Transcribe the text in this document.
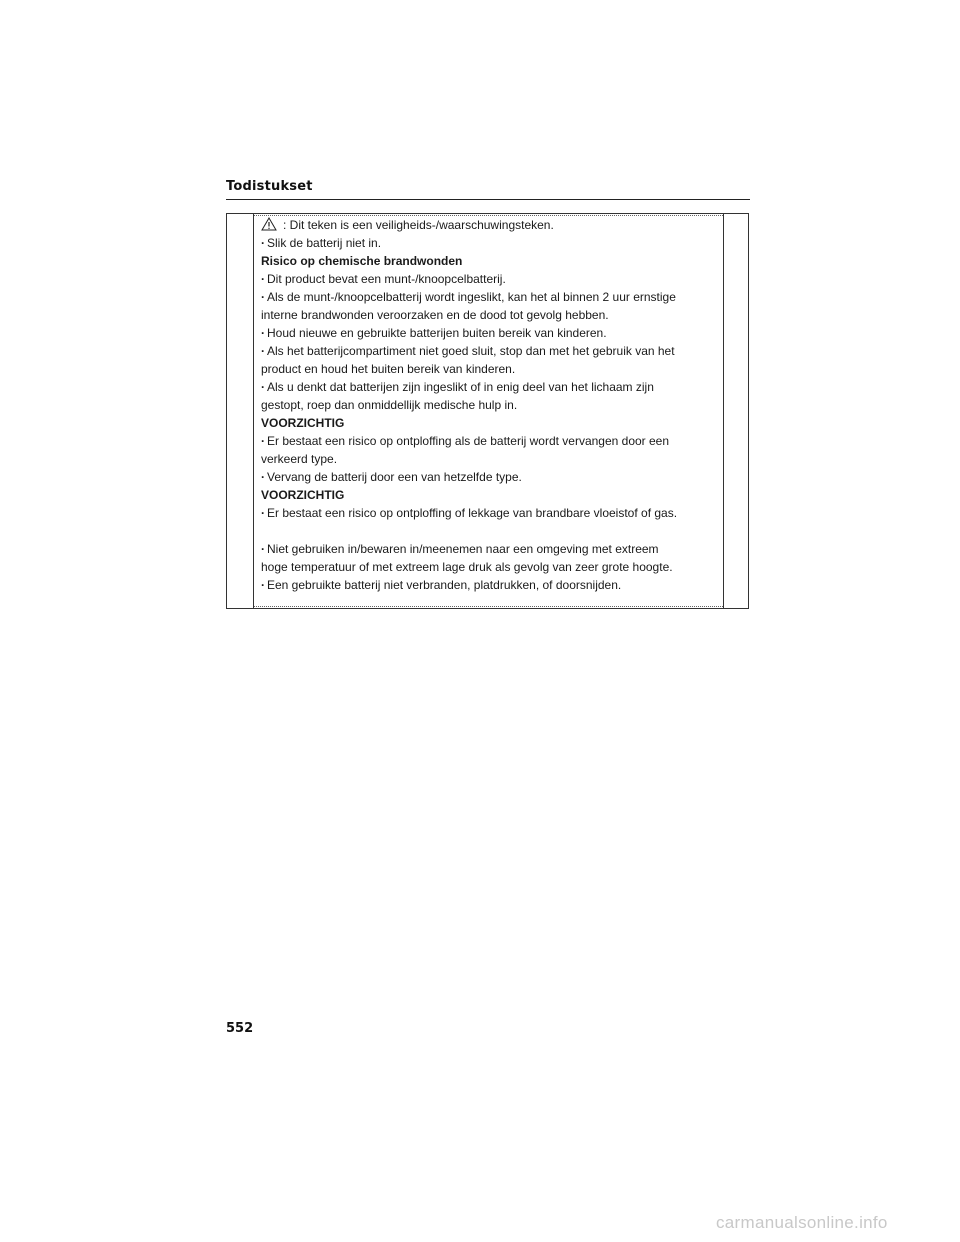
Todistukset
: Dit teken is een veiligheids-/waarschuwingsteken.
· Slik de batterij niet in.
Risico op chemische brandwonden
· Dit product bevat een munt-/knoopcelbatterij.
· Als de munt-/knoopcelbatterij wordt ingeslikt, kan het al binnen 2 uur ernstige
interne brandwonden veroorzaken en de dood tot gevolg hebben.
· Houd nieuwe en gebruikte batterijen buiten bereik van kinderen.
· Als het batterijcompartiment niet goed sluit, stop dan met het gebruik van het
product en houd het buiten bereik van kinderen.
· Als u denkt dat batterijen zijn ingeslikt of in enig deel van het lichaam zijn
gestopt, roep dan onmiddellijk medische hulp in.
VOORZICHTIG
· Er bestaat een risico op ontploffing als de batterij wordt vervangen door een
verkeerd type.
· Vervang de batterij door een van hetzelfde type.
VOORZICHTIG
· Er bestaat een risico op ontploffing of lekkage van brandbare vloeistof of gas.
· Niet gebruiken in/bewaren in/meenemen naar een omgeving met extreem
hoge temperatuur of met extreem lage druk als gevolg van zeer grote hoogte.
· Een gebruikte batterij niet verbranden, platdrukken, of doorsnijden.
552
carmanualsonline.info
